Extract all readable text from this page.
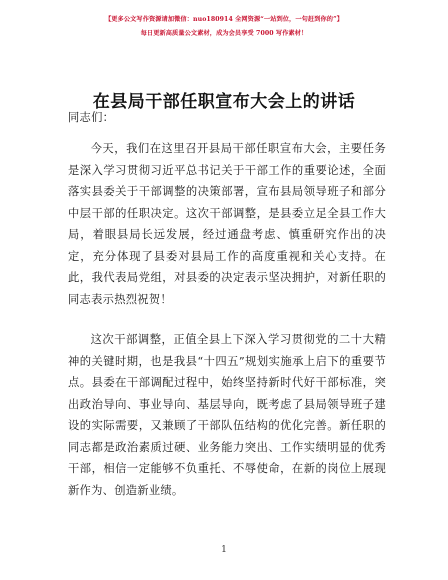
【更多公文写作资源请加微信：nuo180914 全网资源“一站到位，一句赶到你的”】
每日更新高质量公文素材，成为会员享受 7000 写作素材！
在县局干部任职宣布大会上的讲话
同志们：
今天，我们在这里召开县局干部任职宣布大会，主要任务是深入学习贯彻习近平总书记关于干部工作的重要论述，全面落实县委关于干部调整的决策部署，宣布县局领导班子和部分中层干部的任职决定。这次干部调整，是县委立足全县工作大局，着眼县局长远发展，经过通盘考虑、慎重研究作出的决定，充分体现了县委对县局工作的高度重视和关心支持。在此，我代表局党组，对县委的决定表示坚决拥护，对新任职的同志表示热烈祝贺！
这次干部调整，正值全县上下深入学习贯彻党的二十大精神的关键时期，也是我县“十四五”规划实施承上启下的重要节点。县委在干部调配过程中，始终坚持新时代好干部标准，突出政治导向、事业导向、基层导向，既考虑了县局领导班子建设的实际需要，又兼顾了干部队伍结构的优化完善。新任职的同志都是政治素质过硬、业务能力突出、工作实绩明显的优秀干部，相信一定能够不负重托、不辱使命，在新的岗位上展现新作为、创造新业绩。
1
